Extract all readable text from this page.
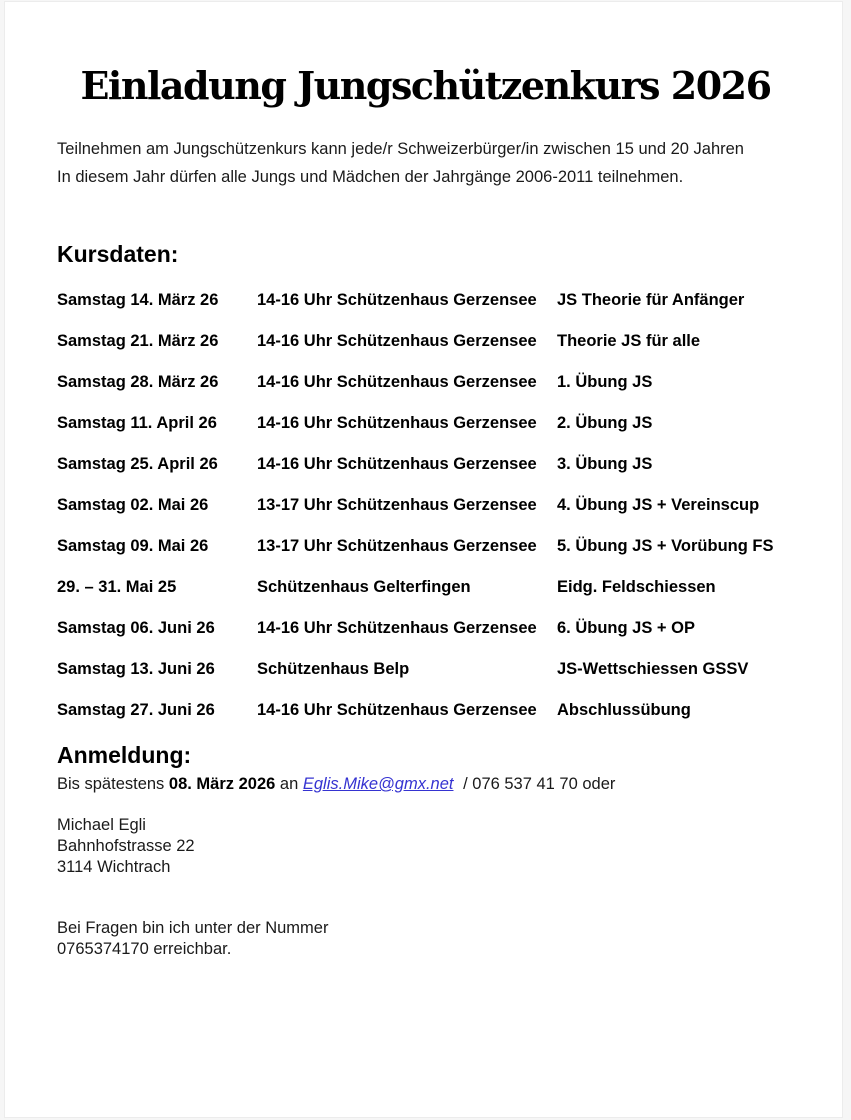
Einladung Jungschützenkurs 2026
Teilnehmen am Jungschützenkurs kann jede/r Schweizerbürger/in zwischen 15 und 20 Jahren
In diesem Jahr dürfen alle Jungs und Mädchen der Jahrgänge 2006-2011 teilnehmen.
Kursdaten:
Samstag 14. März 26	14-16 Uhr Schützenhaus Gerzensee	JS Theorie für Anfänger
Samstag 21. März 26	14-16 Uhr Schützenhaus Gerzensee	Theorie JS für alle
Samstag 28. März 26	14-16 Uhr Schützenhaus Gerzensee	1. Übung JS
Samstag 11. April 26	14-16 Uhr Schützenhaus Gerzensee	2. Übung JS
Samstag 25. April 26	14-16 Uhr Schützenhaus Gerzensee	3. Übung JS
Samstag 02. Mai 26	13-17 Uhr Schützenhaus Gerzensee	4. Übung JS + Vereinscup
Samstag 09. Mai 26	13-17 Uhr Schützenhaus Gerzensee	5. Übung JS + Vorübung FS
29. – 31. Mai 25	Schützenhaus Gelterfingen	Eidg. Feldschiessen
Samstag 06. Juni 26	14-16 Uhr Schützenhaus Gerzensee	6. Übung JS + OP
Samstag 13. Juni 26	Schützenhaus Belp	JS-Wettschiessen GSSV
Samstag 27. Juni 26	14-16 Uhr Schützenhaus Gerzensee	Abschlussübung
Anmeldung:

Bis spätestens 08. März 2026 an Eglis.Mike@gmx.net / 076 537 41 70 oder

Michael Egli
Bahnhofstrasse 22
3114 Wichtrach
Bei Fragen bin ich unter der Nummer
0765374170 erreichbar.
